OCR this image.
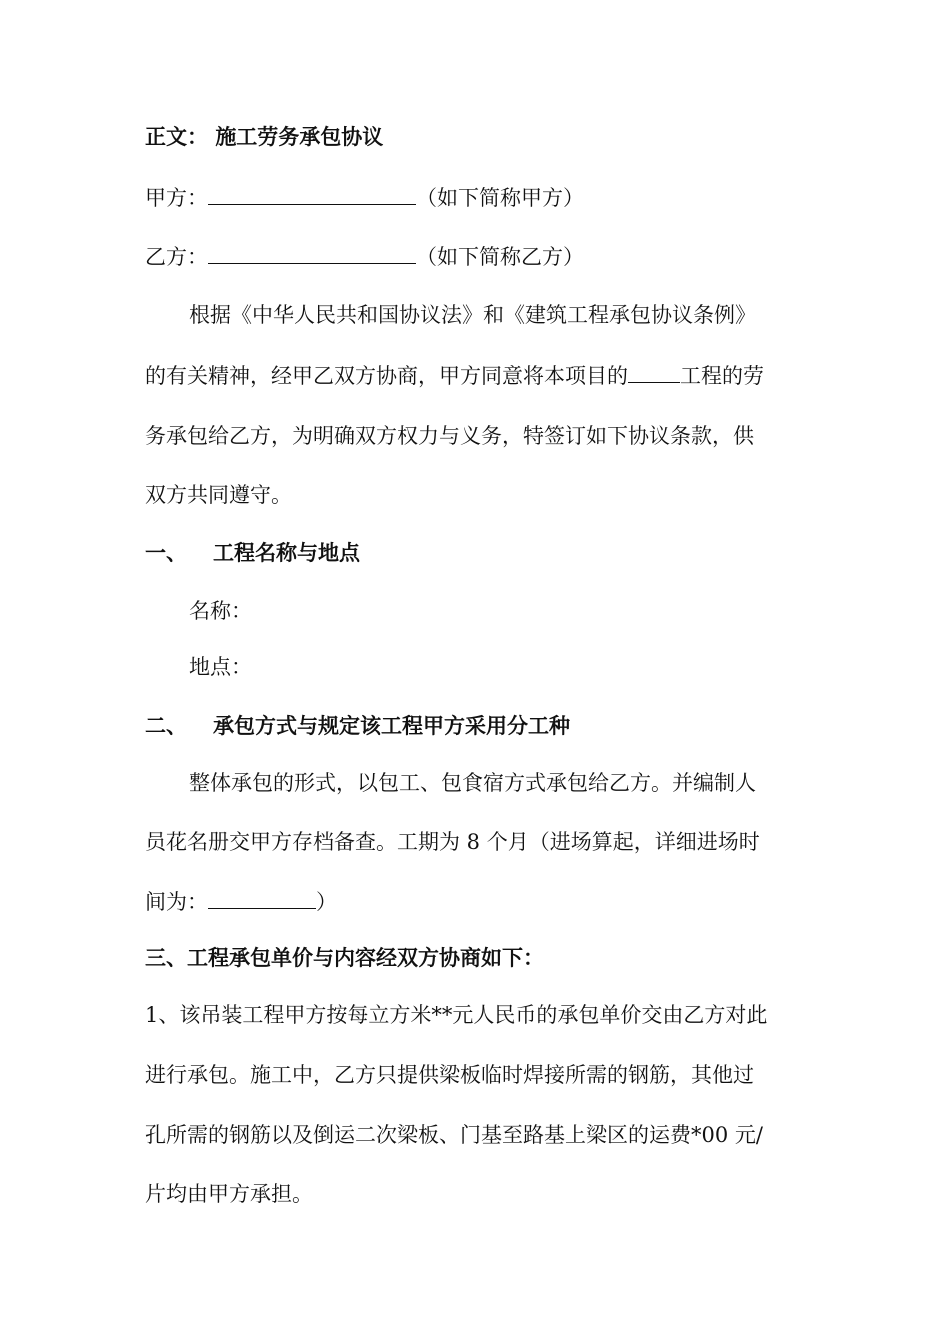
正文： 施工劳务承包协议
甲方：	（如下简称甲方）
乙方：	（如下简称乙方）
根据《中华人民共和国协议法》和《建筑工程承包协议条例》
的有关精神，经甲乙双方协商，甲方同意将本项目的 工程的劳
务承包给乙方，为明确双方权力与义务，特签订如下协议条款，供
双方共同遵守。
一、 工程名称与地点
名称：
地点：
二、 承包方式与规定该工程甲方采用分工种
整体承包的形式，以包工、包食宿方式承包给乙方。并编制人
员花名册交甲方存档备查。工期为 8 个月（进场算起，详细进场时
间为：	）
三、工程承包单价与内容经双方协商如下：
1、该吊装工程甲方按每立方米**元人民币的承包单价交由乙方对此
进行承包。施工中，乙方只提供梁板临时焊接所需的钢筋，其他过
孔所需的钢筋以及倒运二次梁板、门基至路基上梁区的运费*00 元/
片均由甲方承担。
